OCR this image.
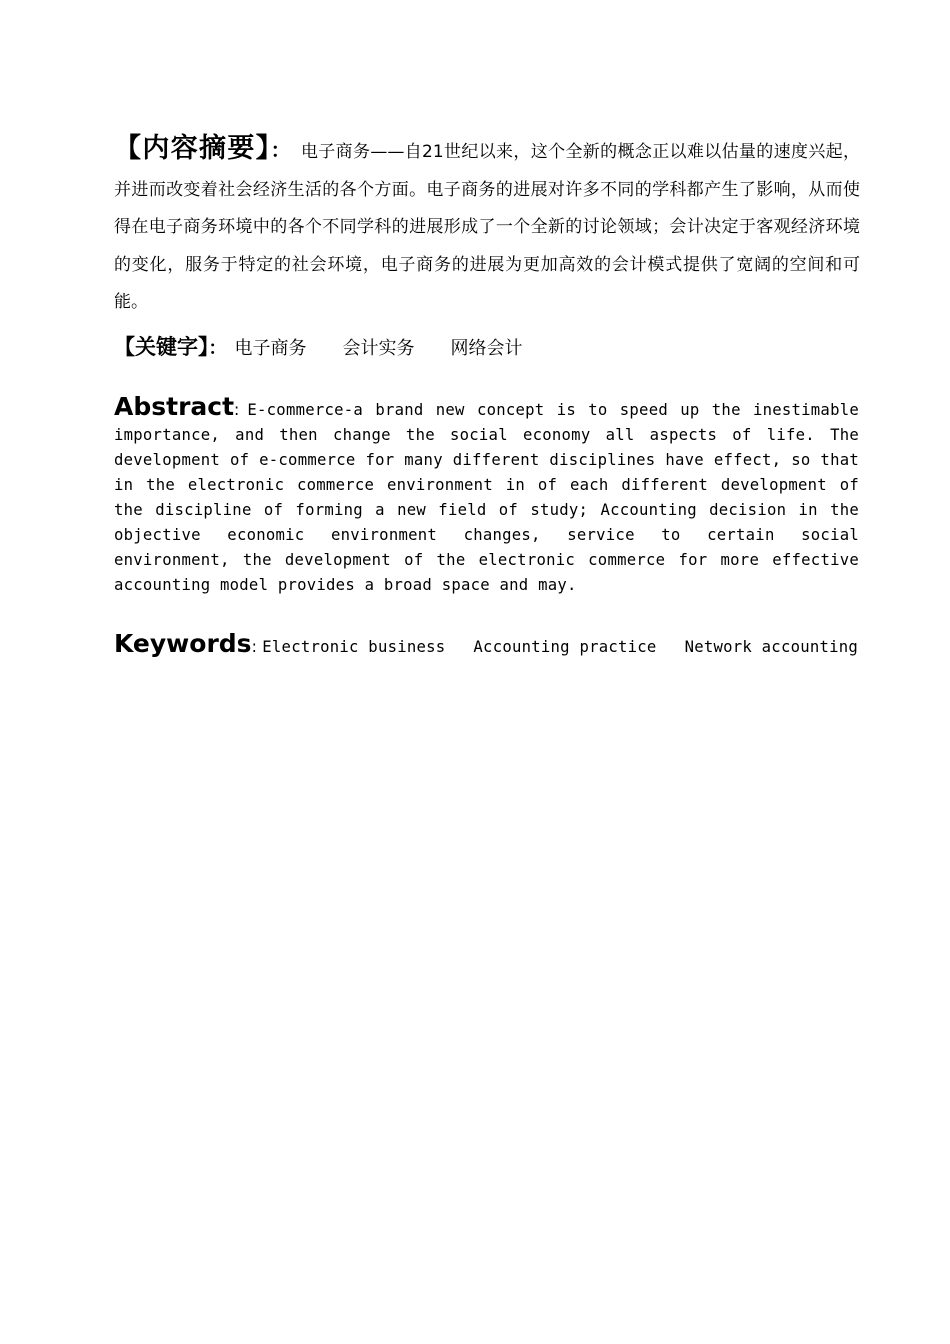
【内容摘要】： 电子商务——自21世纪以来，这个全新的概念正以难以估量的速度兴起，并进而改变着社会经济生活的各个方面。电子商务的进展对许多不同的学科都产生了影响，从而使得在电子商务环境中的各个不同学科的进展形成了一个全新的讨论领域；会计决定于客观经济环境的变化，服务于特定的社会环境，电子商务的进展为更加高效的会计模式提供了宽阔的空间和可能。
【关键字】： 电子商务 会计实务 网络会计
Abstract: E-commerce-a brand new concept is to speed up the inestimable importance, and then change the social economy all aspects of life. The development of e-commerce for many different disciplines have effect, so that in the electronic commerce environment in of each different development of the discipline of forming a new field of study; Accounting decision in the objective economic environment changes, service to certain social environment, the development of the electronic commerce for more effective accounting model provides a broad space and may.
Keywords: Electronic business Accounting practice Network accounting
